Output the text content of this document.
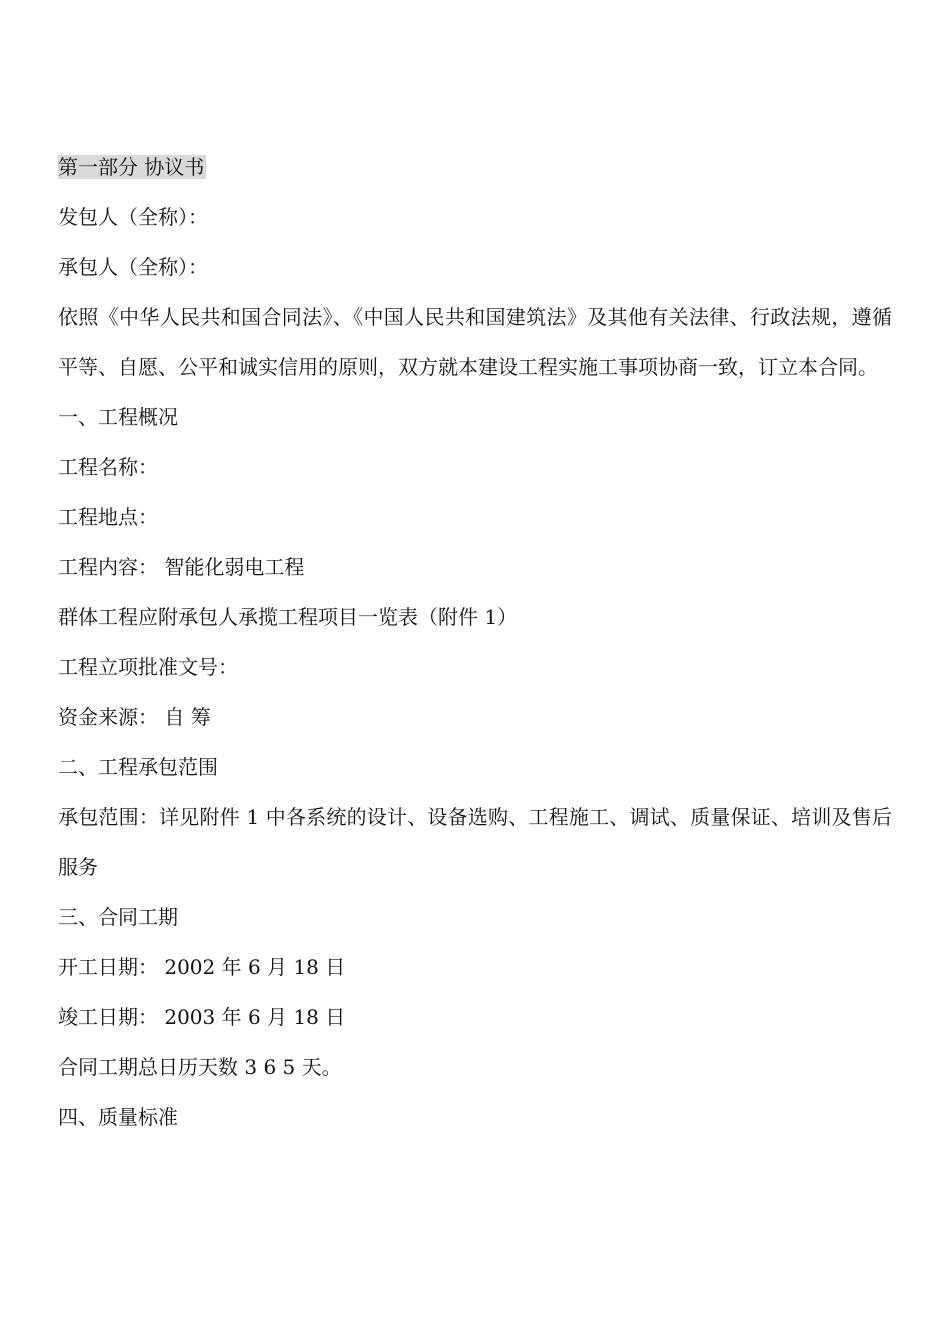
第一部分 协议书

发包人（全称）：

承包人（全称）：

依照《中华人民共和国合同法》、《中国人民共和国建筑法》及其他有关法律、行政法规，遵循平等、自愿、公平和诚实信用的原则，双方就本建设工程实施工事项协商一致，订立本合同。

一、工程概况

工程名称：

工程地点：

工程内容： 智能化弱电工程

群体工程应附承包人承揽工程项目一览表（附件 1）

工程立项批准文号：

资金来源： 自 筹

二、工程承包范围

承包范围：详见附件 1 中各系统的设计、设备选购、工程施工、调试、质量保证、培训及售后服务

三、合同工期

开工日期： 2002 年 6 月 18 日

竣工日期： 2003 年 6 月 18 日

合同工期总日历天数 3 6 5 天。

四、质量标准
